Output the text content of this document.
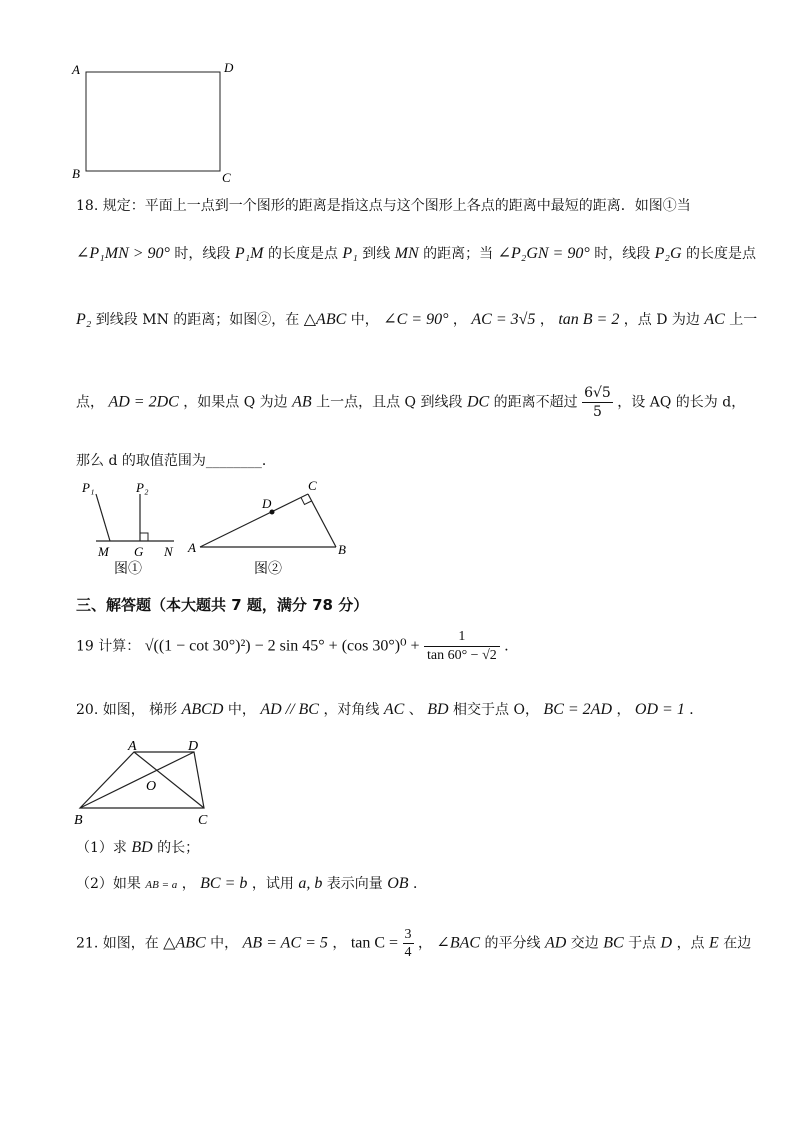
A	D
B	C
18. 规定：平面上一点到一个图形的距离是指这点与这个图形上各点的距离中最短的距离．如图①当
∠P₁MN > 90° 时，线段 P₁M 的长度是点 P₁ 到线 MN 的距离；当 ∠P₂GN = 90° 时，线段 P₂G 的长度是点
P₂ 到线段 MN 的距离；如图②，在 △ABC 中， ∠C = 90° ， AC = 3√5 ， tan B = 2 ，点 D 为边 AC 上一
点， AD = 2DC ，如果点 Q 为边 AB 上一点，且点 Q 到线段 DC 的距离不超过 $\frac{6√5}{5}$ ，设 AQ 的长为 d，
那么 d 的取值范围为________．
P₁	P₂
M G N
图①
A	B
C
D
图②
三、解答题（本大题共 7 题，满分 78 分）
19 计算： √((1 − cot 30°)²) − 2 sin 45° + (cos $30^\circ)^0 + \frac{1}{\tan 60^\circ - √2}$ ．
20. 如图， 梯形 ABCD 中， AD // BC ，对角线 AC 、 BD 相交于点 O， BC = 2AD ， OD = 1 ．
A	D
O
B	C
（1）求 BD 的长；
（2）如果 AB = a ， BC = b ，试用 a, b 表示向量 OB ．
21. 如图，在 △ABC 中， AB = AC = 5 ， $\tan C = \frac{3}{4}$ ， ∠BAC 的平分线 AD 交边 BC 于点 D ，点 E 在边
